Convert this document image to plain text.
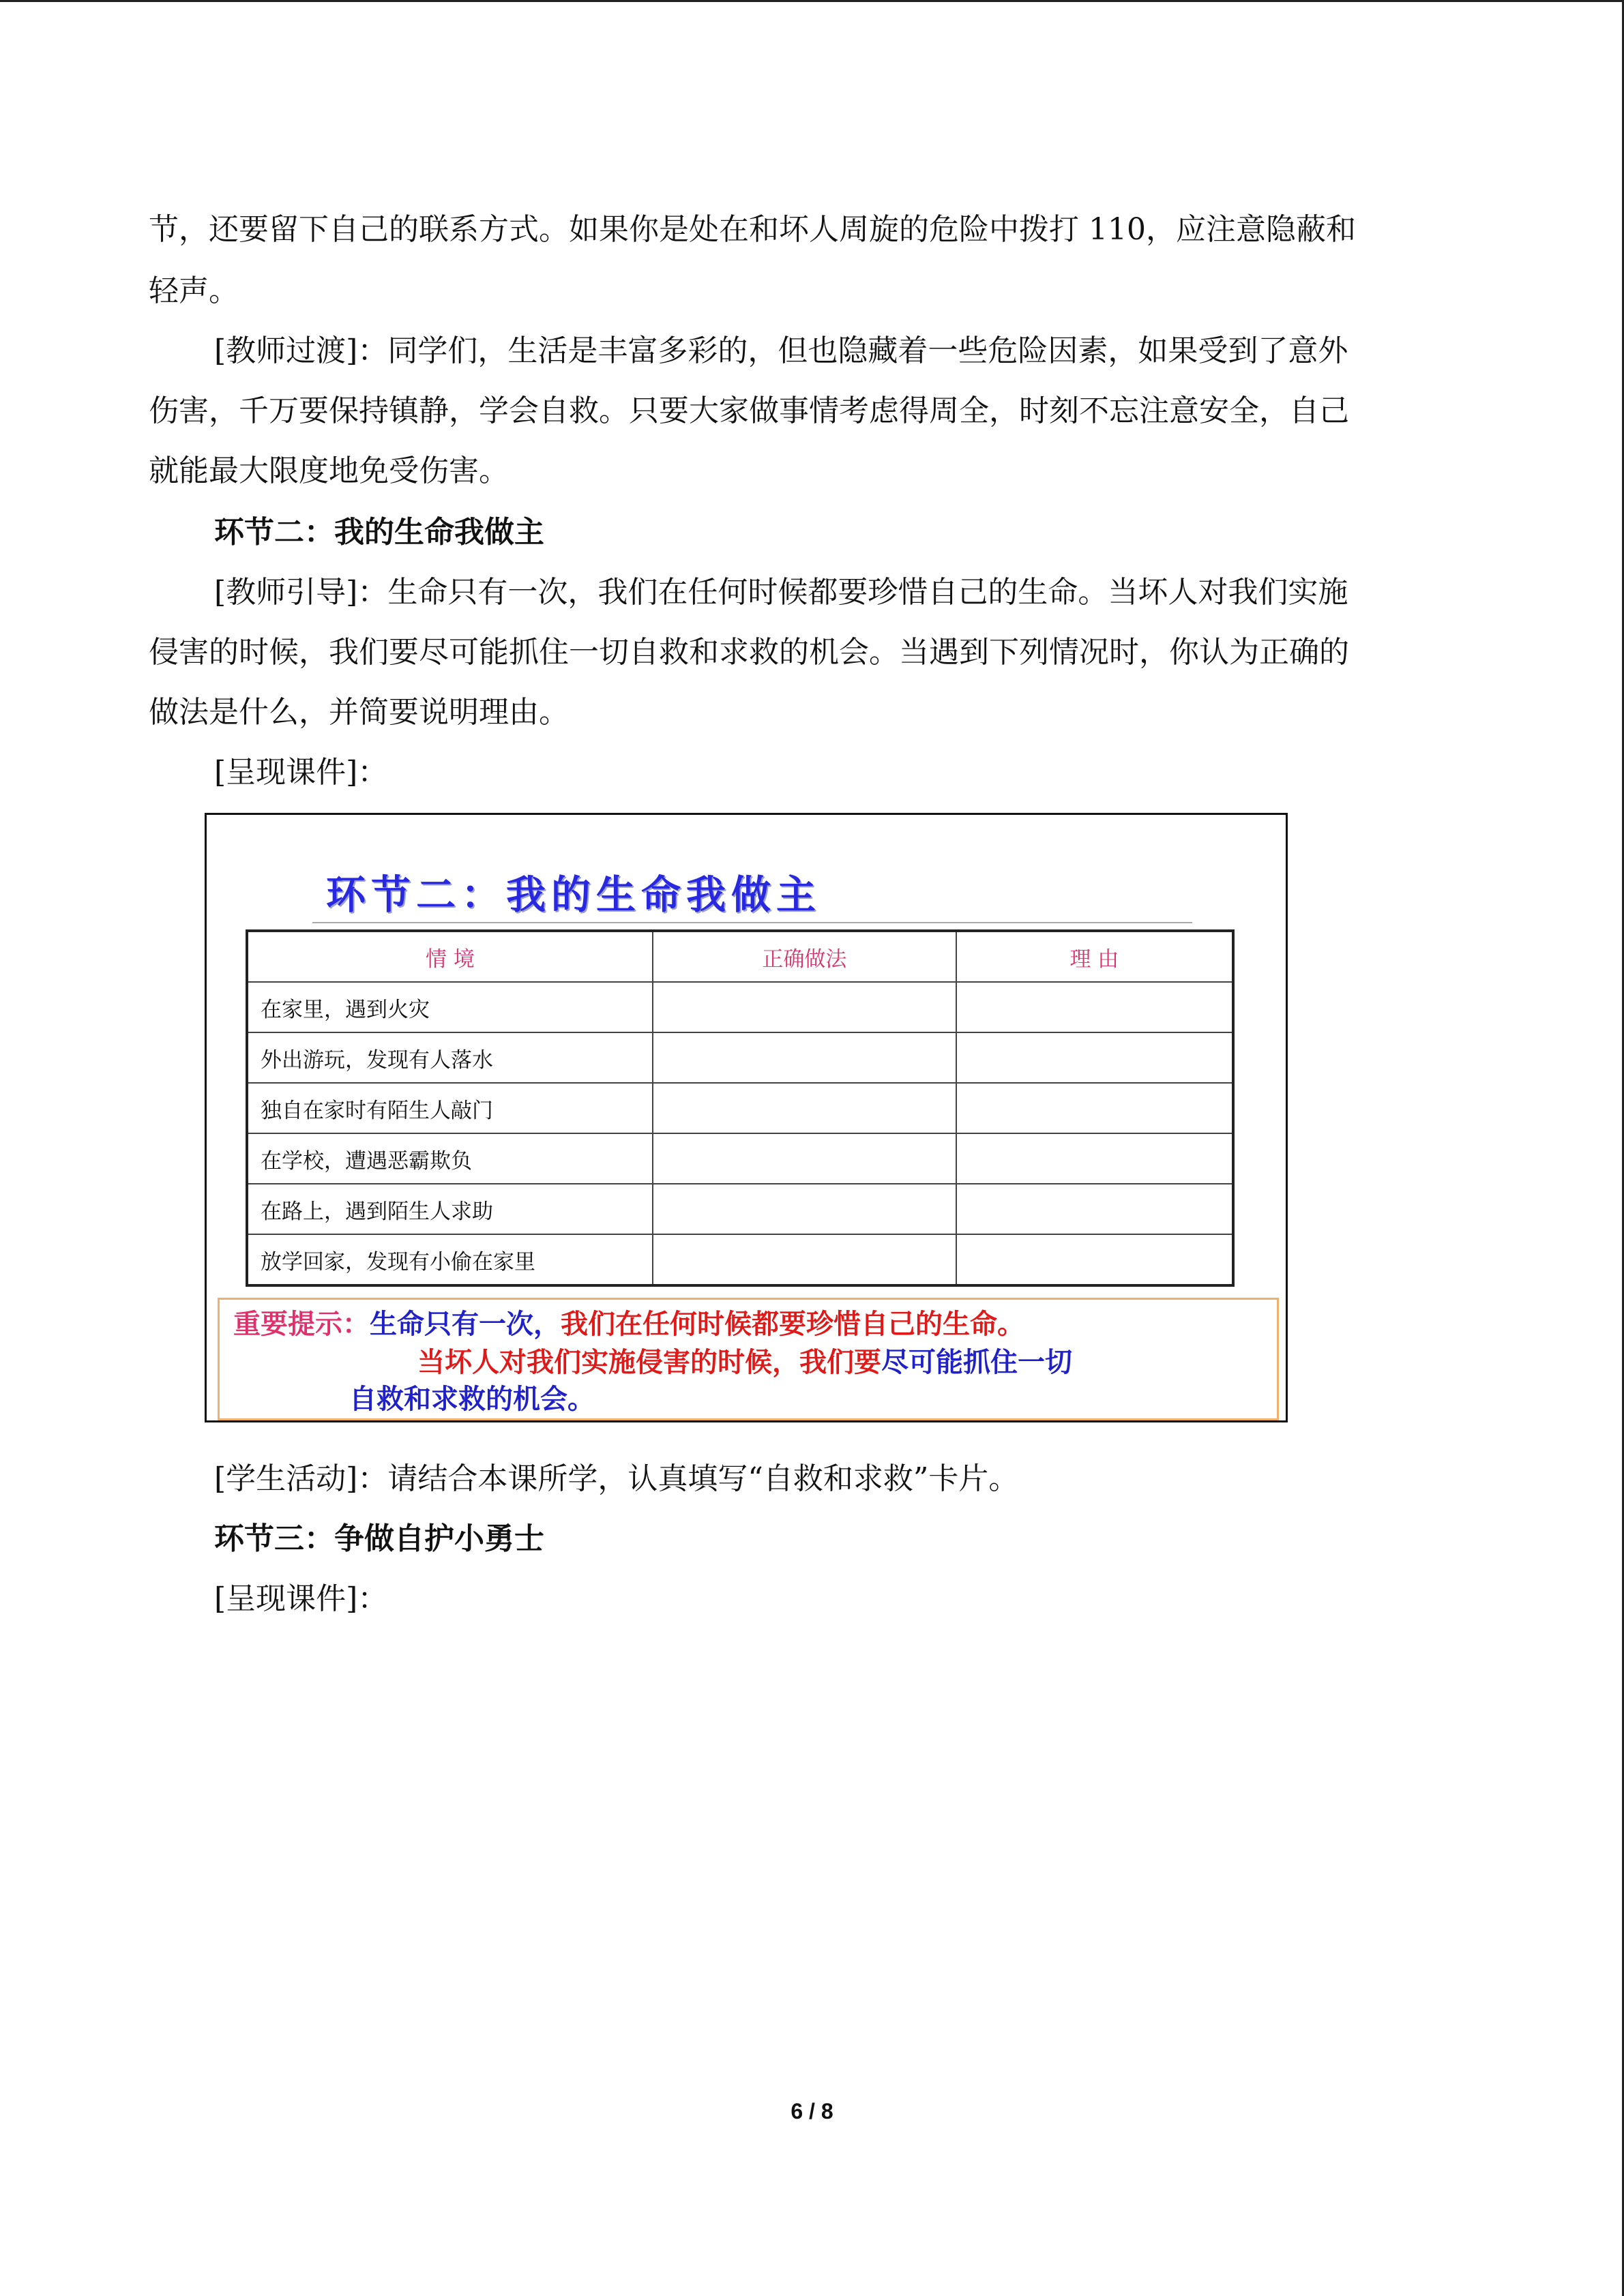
节，还要留下自己的联系方式。如果你是处在和坏人周旋的危险中拨打 110，应注意隐蔽和
轻声。
[教师过渡]：同学们，生活是丰富多彩的，但也隐藏着一些危险因素，如果受到了意外
伤害，千万要保持镇静，学会自救。只要大家做事情考虑得周全，时刻不忘注意安全，自己
就能最大限度地免受伤害。
环节二：我的生命我做主
[教师引导]：生命只有一次，我们在任何时候都要珍惜自己的生命。当坏人对我们实施
侵害的时候，我们要尽可能抓住一切自救和求救的机会。当遇到下列情况时，你认为正确的
做法是什么，并简要说明理由。
[呈现课件]：
环节二：我的生命我做主
情 境	正确做法	理 由
在家里，遇到火灾		
外出游玩，发现有人落水		
独自在家时有陌生人敲门		
在学校，遭遇恶霸欺负		
在路上，遇到陌生人求助		
放学回家，发现有小偷在家里		
重要提示：生命只有一次，我们在任何时候都要珍惜自己的生命。
当坏人对我们实施侵害的时候，我们要尽可能抓住一切
自救和求救的机会。
[学生活动]：请结合本课所学，认真填写“自救和求救”卡片。
环节三：争做自护小勇士
[呈现课件]：
6 / 8
